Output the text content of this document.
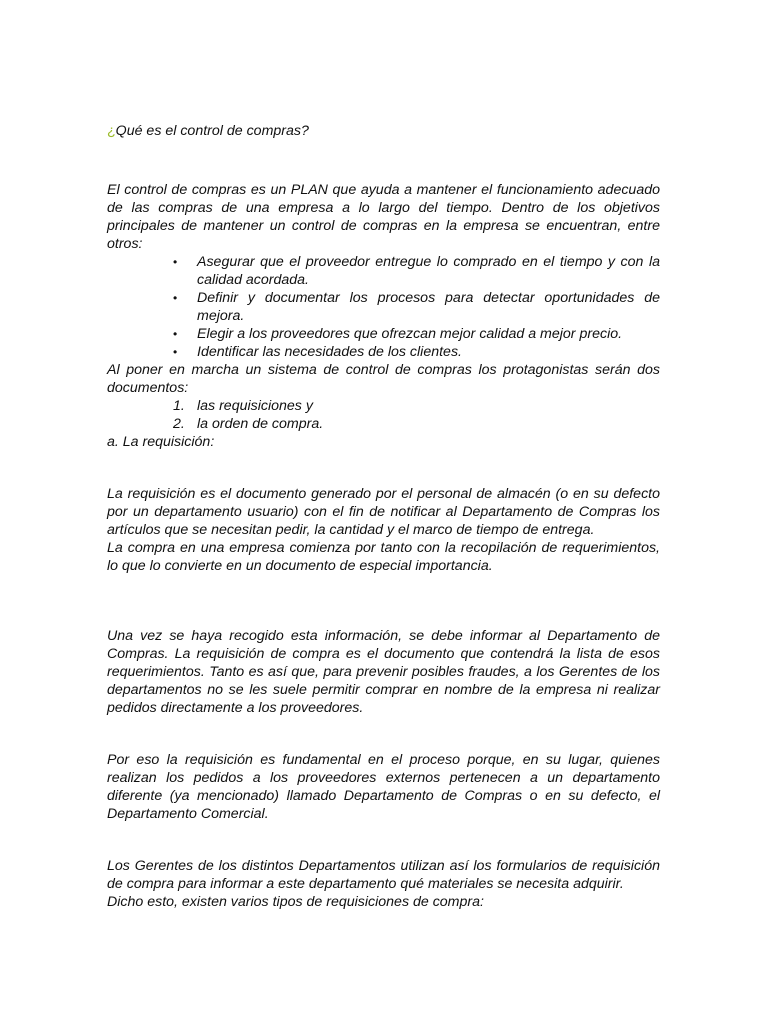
¿Qué es el control de compras?

El control de compras es un PLAN que ayuda a mantener el funcionamiento adecuado de las compras de una empresa a lo largo del tiempo. Dentro de los objetivos principales de mantener un control de compras en la empresa se encuentran, entre otros:

• Asegurar que el proveedor entregue lo comprado en el tiempo y con la calidad acordada.
• Definir y documentar los procesos para detectar oportunidades de mejora.
• Elegir a los proveedores que ofrezcan mejor calidad a mejor precio.
• Identificar las necesidades de los clientes.

Al poner en marcha un sistema de control de compras los protagonistas serán dos documentos:

1. las requisiciones y
2. la orden de compra.

a. La requisición:

La requisición es el documento generado por el personal de almacén (o en su defecto por un departamento usuario) con el fin de notificar al Departamento de Compras los artículos que se necesitan pedir, la cantidad y el marco de tiempo de entrega.

La compra en una empresa comienza por tanto con la recopilación de requerimientos, lo que lo convierte en un documento de especial importancia.

Una vez se haya recogido esta información, se debe informar al Departamento de Compras. La requisición de compra es el documento que contendrá la lista de esos requerimientos. Tanto es así que, para prevenir posibles fraudes, a los Gerentes de los departamentos no se les suele permitir comprar en nombre de la empresa ni realizar pedidos directamente a los proveedores.

Por eso la requisición es fundamental en el proceso porque, en su lugar, quienes realizan los pedidos a los proveedores externos pertenecen a un departamento diferente (ya mencionado) llamado Departamento de Compras o en su defecto, el Departamento Comercial.

Los Gerentes de los distintos Departamentos utilizan así los formularios de requisición de compra para informar a este departamento qué materiales se necesita adquirir.

Dicho esto, existen varios tipos de requisiciones de compra:
